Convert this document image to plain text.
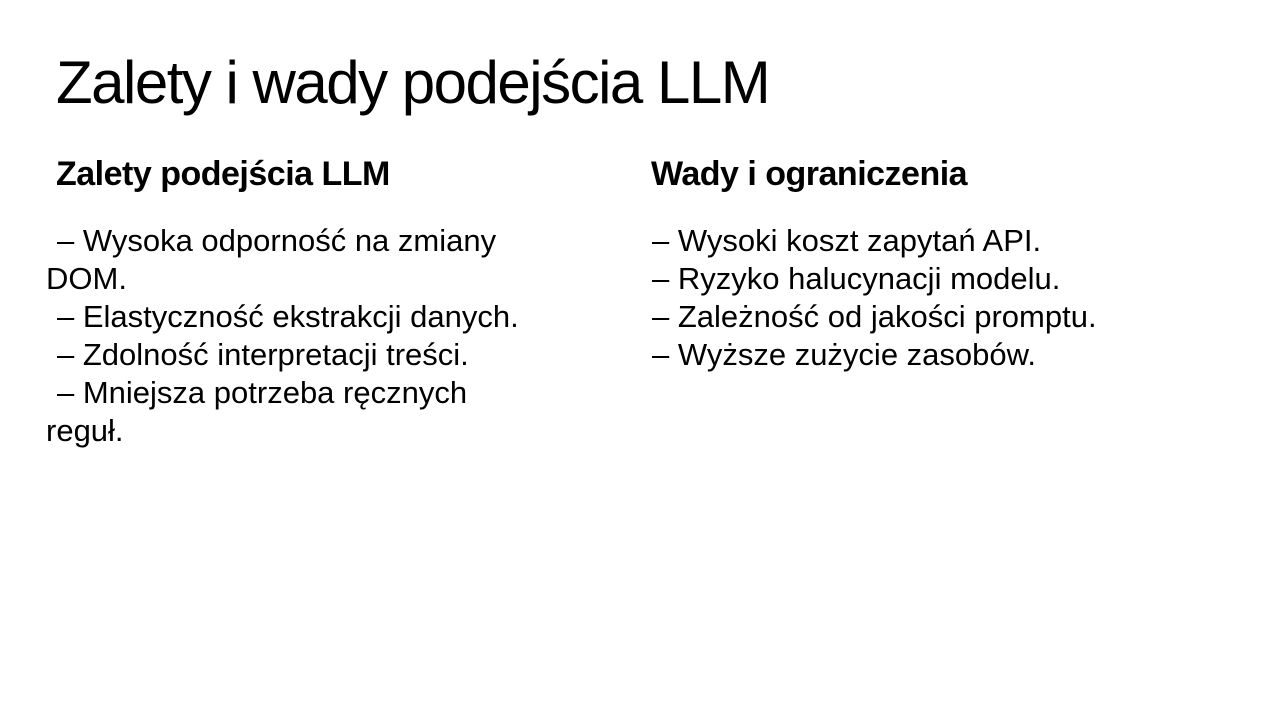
Zalety i wady podejścia LLM
Zalety podejścia LLM
– Wysoka odporność na zmiany
DOM.
– Elastyczność ekstrakcji danych.
– Zdolność interpretacji treści.
– Mniejsza potrzeba ręcznych
reguł.
Wady i ograniczenia
– Wysoki koszt zapytań API.
– Ryzyko halucynacji modelu.
– Zależność od jakości promptu.
– Wyższe zużycie zasobów.
